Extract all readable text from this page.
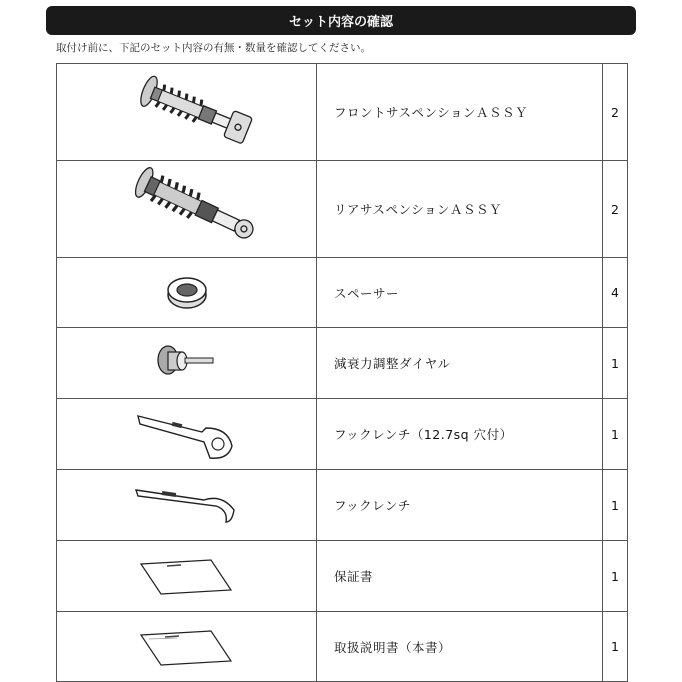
セット内容の確認
取付け前に、下記のセット内容の有無・数量を確認してください。
	フロントサスペンションＡＳＳＹ	2

	リアサスペンションＡＳＳＹ	2

	スペーサー	4

	減衰力調整ダイヤル	1

	フックレンチ（12.7sq 穴付）	1

	フックレンチ	1

	保証書	1

	取扱説明書（本書）	1
